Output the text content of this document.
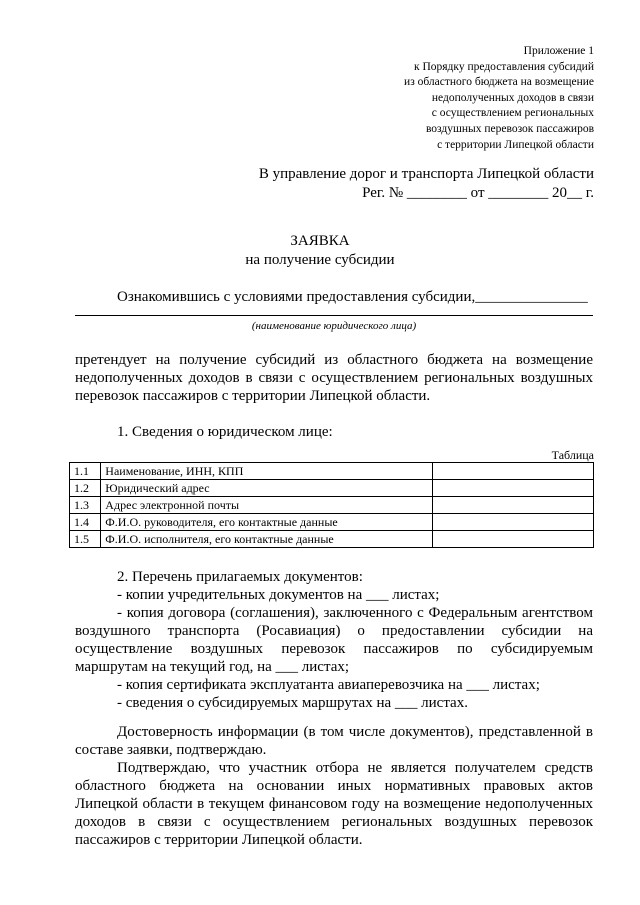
Приложение 1
к Порядку предоставления субсидий
из областного бюджета на возмещение
недополученных доходов в связи
с осуществлением региональных
воздушных перевозок пассажиров
с территории Липецкой области
В управление дорог и транспорта Липецкой области
Рег. № ________ от ________ 20__ г.
ЗАЯВКА
на получение субсидии
Ознакомившись с условиями предоставления субсидии,_______________
(наименование юридического лица)
претендует на получение субсидий из областного бюджета на возмещение
недополученных доходов в связи с осуществлением региональных воздушных
перевозок пассажиров с территории Липецкой области.
1. Сведения о юридическом лице:
Таблица
1.1	Наименование, ИНН, КПП	
1.2	Юридический адрес	
1.3	Адрес электронной почты	
1.4	Ф.И.О. руководителя, его контактные данные	
1.5	Ф.И.О. исполнителя, его контактные данные	
2. Перечень прилагаемых документов:
- копии учредительных документов на ___ листах;
- копия договора (соглашения), заключенного с Федеральным агентством
воздушного транспорта (Росавиация) о предоставлении субсидии на
осуществление воздушных перевозок пассажиров по субсидируемым
маршрутам на текущий год, на ___ листах;
- копия сертификата эксплуатанта авиаперевозчика на ___ листах;
- сведения о субсидируемых маршрутах на ___ листах.
Достоверность информации (в том числе документов), представленной в
составе заявки, подтверждаю.
Подтверждаю, что участник отбора не является получателем средств
областного бюджета на основании иных нормативных правовых актов
Липецкой области в текущем финансовом году на возмещение недополученных
доходов в связи с осуществлением региональных воздушных перевозок
пассажиров с территории Липецкой области.
